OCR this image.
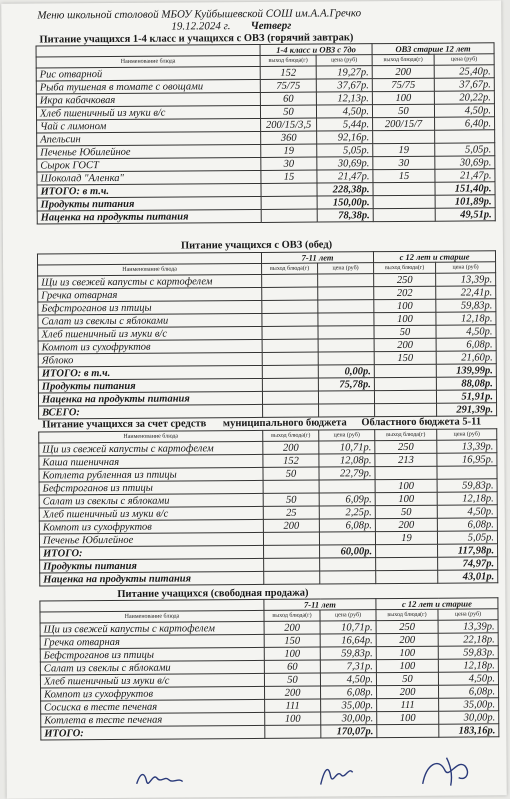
Меню школьной столовой МБОУ Куйбышевской СОШ им.А.А.Гречко
19.12.2024 г. Четверг
Питание учащихся 1-4 класс и учащихся с ОВЗ (горячий завтрак)
	1-4 класс и ОВЗ с 7до		ОВЗ старше 12 лет	
Наименование блюда	выход блюда(г)	цена (руб)	выход блюда(г)	цена (руб)
Рис отварной	152	19,27р.	200	25,40р.
Рыба тушеная в томате с овощами	75/75	37,67р.	75/75	37,67р.
Икра кабачковая	60	12,13р.	100	20,22р.
Хлеб пшеничный из муки в/с	50	4,50р.	50	4,50р.
Чай с лимоном	200/15/3,5	5,44р.	200/15/7	6,40р.
Апельсин	360	92,16р.		
Печенье Юбилейное	19	5,05р.	19	5,05р.
Сырок ГОСТ	30	30,69р.	30	30,69р.
Шоколад "Аленка"	15	21,47р.	15	21,47р.
ИТОГО: в т.ч.		228,38р.		151,40р.
Продукты питания		150,00р.		101,89р.
Наценка на продукты питания		78,38р.		49,51р.
Питание учащихся с ОВЗ (обед)
	7-11 лет		с 12 лет и старше	
Наименование блюда	выход блюда(г)	цена (руб)	выход блюда(г)	цена (руб)
Щи из свежей капусты с картофелем			250	13,39р.
Гречка отварная			202	22,41р.
Бефстроганов из птицы			100	59,83р.
Салат из свеклы с яблоками			100	12,18р.
Хлеб пшеничный из муки в/с			50	4,50р.
Компот из сухофруктов			200	6,08р.
Яблоко			150	21,60р.
ИТОГО: в т.ч.		0,00р.		139,99р.
Продукты питания		75,78р.		88,08р.
Наценка на продукты питания				51,91р.
ВСЕГО:				291,39р.
Питание учащихся за счет средств муниципального бюджета Областного бюджета 5-11
Наименование блюда	выход блюда(г)	цена (руб)	выход блюда(г)	цена (руб)
Щи из свежей капусты с картофелем	200	10,71р.	250	13,39р.
Каша пшеничная	152	12,08р.	213	16,95р.
Котлета рубленная из птицы	50	22,79р.		
Бефстроганов из птицы			100	59,83р.
Салат из свеклы с яблоками	50	6,09р.	100	12,18р.
Хлеб пшеничный из муки в/с	25	2,25р.	50	4,50р.
Компот из сухофруктов	200	6,08р.	200	6,08р.
Печенье Юбилейное			19	5,05р.
ИТОГО:		60,00р.		117,98р.
Продукты питания				74,97р.
Наценка на продукты питания				43,01р.
Питание учащихся (свободная продажа)
	7-11 лет		с 12 лет и старше	
Наименование блюда	выход блюда(г)	цена (руб)	выход блюда(г)	цена (руб)
Щи из свежей капусты с картофелем	200	10,71р.	250	13,39р.
Гречка отварная	150	16,64р.	200	22,18р.
Бефстроганов из птицы	100	59,83р.	100	59,83р.
Салат из свеклы с яблоками	60	7,31р.	100	12,18р.
Хлеб пшеничный из муки в/с	50	4,50р.	50	4,50р.
Компот из сухофруктов	200	6,08р.	200	6,08р.
Сосиска в тесте печеная	111	35,00р.	111	35,00р.
Котлета в тесте печеная	100	30,00р.	100	30,00р.
ИТОГО:		170,07р.		183,16р.
